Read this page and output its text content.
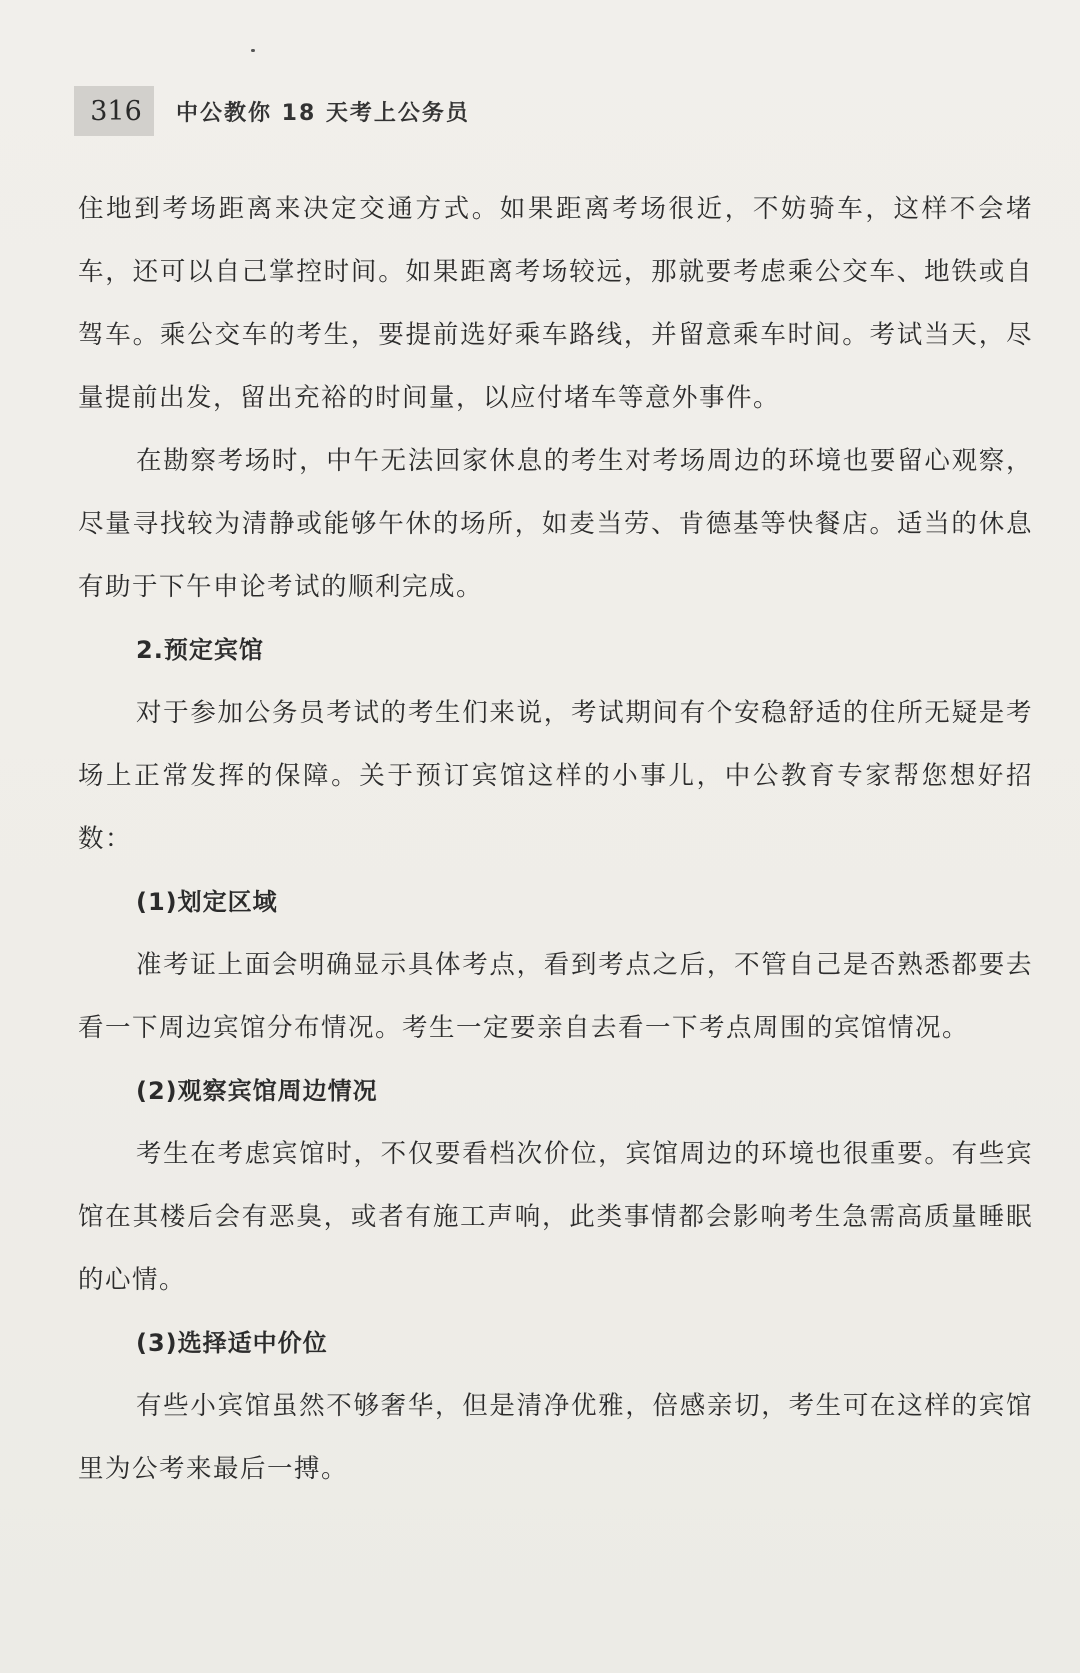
316	中公教你 18 天考上公务员

住地到考场距离来决定交通方式。如果距离考场很近，不妨骑车，这样不会堵车，还可以自己掌控时间。如果距离考场较远，那就要考虑乘公交车、地铁或自驾车。乘公交车的考生，要提前选好乘车路线，并留意乘车时间。考试当天，尽量提前出发，留出充裕的时间量，以应付堵车等意外事件。

在勘察考场时，中午无法回家休息的考生对考场周边的环境也要留心观察，尽量寻找较为清静或能够午休的场所，如麦当劳、肯德基等快餐店。适当的休息有助于下午申论考试的顺利完成。

2.预定宾馆

对于参加公务员考试的考生们来说，考试期间有个安稳舒适的住所无疑是考场上正常发挥的保障。关于预订宾馆这样的小事儿，中公教育专家帮您想好招数：

(1)划定区域

准考证上面会明确显示具体考点，看到考点之后，不管自己是否熟悉都要去看一下周边宾馆分布情况。考生一定要亲自去看一下考点周围的宾馆情况。

(2)观察宾馆周边情况

考生在考虑宾馆时，不仅要看档次价位，宾馆周边的环境也很重要。有些宾馆在其楼后会有恶臭，或者有施工声响，此类事情都会影响考生急需高质量睡眠的心情。

(3)选择适中价位

有些小宾馆虽然不够奢华，但是清净优雅，倍感亲切，考生可在这样的宾馆里为公考来最后一搏。
